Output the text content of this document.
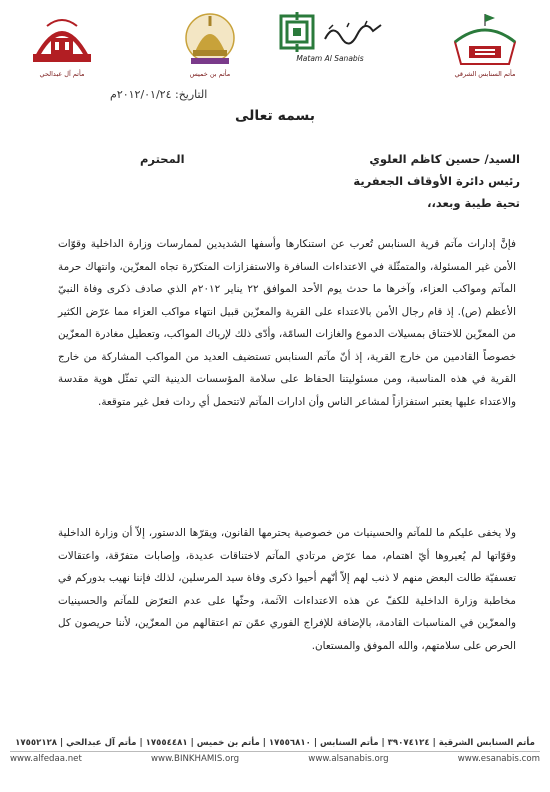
مأتم آل عبدالحي	مأتم بن خميس
Matam Al Sanabis
مأتم السنابس الشرقي
التاريخ: ٢٠١٢/٠١/٢٤م
بسمه تعالى
السيد/ حسين كاظم العلوي
المحترم
رئيس دائرة الأوقاف الجعفرية
تحية طيبة وبعد،،
فإنَّ إدارات مآتم قرية السنابس تُعرب عن استنكارها وأسفها الشديدين لممارسات وزارة الداخلية وقوّات الأمن غير المسئولة، والمتمثّلة في الاعتداءات السافرة والاستفزازات المتكرّرة تجاه المعزّين، وانتهاك حرمة المآتم ومواكب العزاء، وآخرها ما حدث يوم الأحد الموافق ٢٢ يناير ٢٠١٢م الذي صادف ذكرى وفاة النبيّ الأعظم (ص). إذ قام رجال الأمن بالاعتداء على القرية والمعزّين قبيل انتهاء مواكب العزاء مما عرّض الكثير من المعزّين للاختناق بمسيلات الدموع والغازات السامّة، وأدّى ذلك لإرباك المواكب، وتعطيل مغادرة المعزّين خصوصاً القادمين من خارج القرية، إذ أنّ مآتم السنابس تستضيف العديد من المواكب المشاركة من خارج القرية في هذه المناسبة، ومن مسئوليتنا الحفاظ على سلامة المؤسسات الدينية التي تمثّل هوية مقدسة والاعتداء عليها يعتبر استفزازاً لمشاعر الناس وأن ادارات المآتم لاتتحمل أي ردات فعل غير متوقعة.
ولا يخفى عليكم ما للمآتم والحسينيات من خصوصية يحترمها القانون، ويقرّها الدستور، إلاّ أن وزارة الداخلية وقوّاتها لم يُعيروها أيّ اهتمام، مما عرّض مرتادي المآتم لاختناقات عديدة، وإصابات متفرّقة، واعتقالات تعسفيّة طالت البعض منهم لا ذنب لهم إلاّ أنّهم أحيوا ذكرى وفاة سيد المرسلين، لذلك فإننا نهيب بدوركم في مخاطبة وزارة الداخلية للكفّ عن هذه الاعتداءات الآثمة، وحثّها على عدم التعرّض للمآتم والحسينيات والمعزّين في المناسبات القادمة، بالإضافة للإفراج الفوري عمّن تم اعتقالهم من المعزّين، لأننا حريصون كل الحرص على سلامتهم، والله الموفق والمستعان.
مأتم السنابس الشرقية | ٣٩٠٧٤١٢٤ | مأتم السنابس | ١٧٥٥٦٨١٠ | مأتم بن خميس | ١٧٥٥٤٤٨١ | مأتم آل عبدالحي | ١٧٥٥٢١٢٨
www.alfedaa.net	www.BINKHAMIS.org	www.alsanabis.org	www.esanabis.com
